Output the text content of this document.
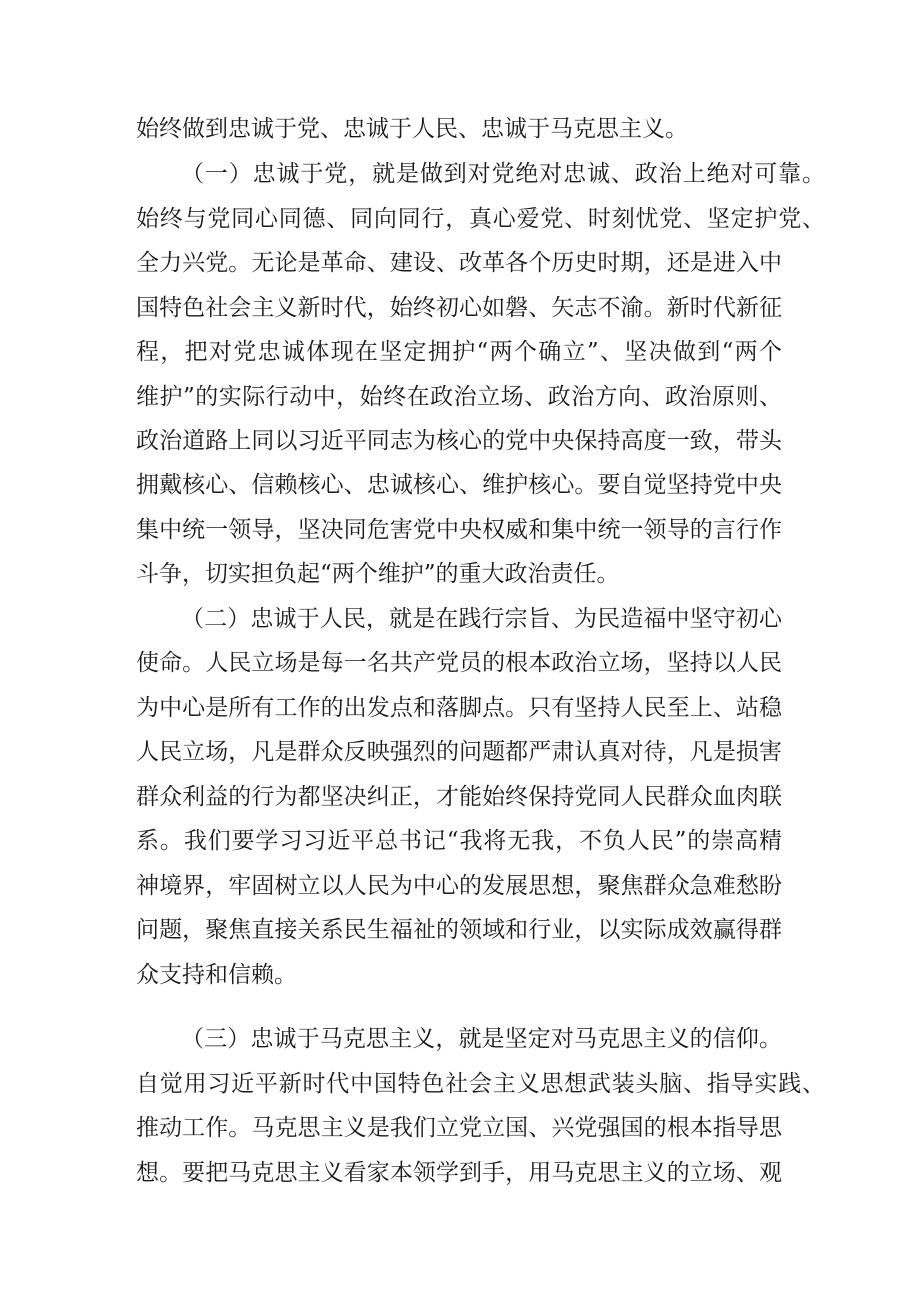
始终做到忠诚于党、忠诚于人民、忠诚于马克思主义。
（一）忠诚于党，就是做到对党绝对忠诚、政治上绝对可靠。
始终与党同心同德、同向同行，真心爱党、时刻忧党、坚定护党、
全力兴党。无论是革命、建设、改革各个历史时期，还是进入中
国特色社会主义新时代，始终初心如磐、矢志不渝。新时代新征
程，把对党忠诚体现在坚定拥护“两个确立”、坚决做到“两个
维护”的实际行动中，始终在政治立场、政治方向、政治原则、
政治道路上同以习近平同志为核心的党中央保持高度一致，带头
拥戴核心、信赖核心、忠诚核心、维护核心。要自觉坚持党中央
集中统一领导，坚决同危害党中央权威和集中统一领导的言行作
斗争，切实担负起“两个维护”的重大政治责任。
（二）忠诚于人民，就是在践行宗旨、为民造福中坚守初心
使命。人民立场是每一名共产党员的根本政治立场，坚持以人民
为中心是所有工作的出发点和落脚点。只有坚持人民至上、站稳
人民立场，凡是群众反映强烈的问题都严肃认真对待，凡是损害
群众利益的行为都坚决纠正，才能始终保持党同人民群众血肉联
系。我们要学习习近平总书记“我将无我，不负人民”的崇高精
神境界，牢固树立以人民为中心的发展思想，聚焦群众急难愁盼
问题，聚焦直接关系民生福祉的领域和行业，以实际成效赢得群
众支持和信赖。
（三）忠诚于马克思主义，就是坚定对马克思主义的信仰。
自觉用习近平新时代中国特色社会主义思想武装头脑、指导实践、
推动工作。马克思主义是我们立党立国、兴党强国的根本指导思
想。要把马克思主义看家本领学到手，用马克思主义的立场、观
